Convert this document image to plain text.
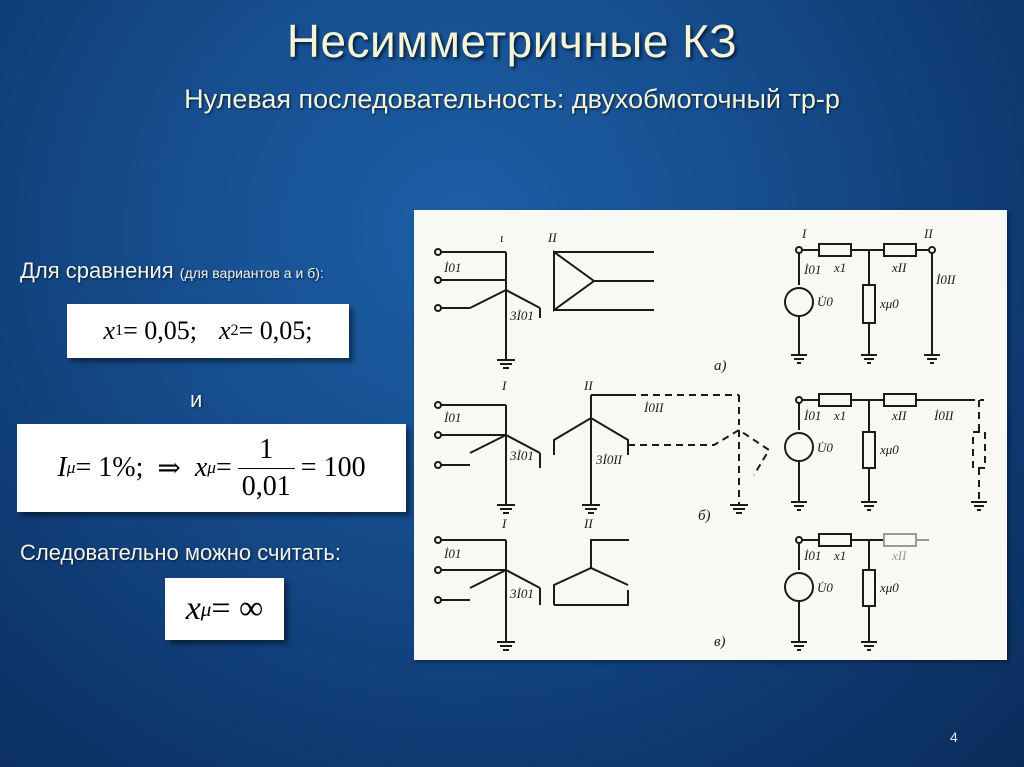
Несимметричные КЗ
Нулевая последовательность: двухобмоточный тр-р
Для сравнения (для вариантов а и б):
x 1 = 0,05; x 2 = 0,05;
и
I μ = 1%; ⇒ x $\mu = \frac{1}{0,01} = 100$
Следовательно можно считать:
x μ = ∞
ι	II
İ01
3İ01
I	II
İ01 x1	xII
İ0II
U̇0	xμ0
а)
I	II
İ01
3İ01
İ0II
3İ0II
İ01 x1	xII İ0II
U̇0	xμ0
б)
I	II
İ01
3İ01
İ01 x1	xII
U̇0	xμ0
в)
4
